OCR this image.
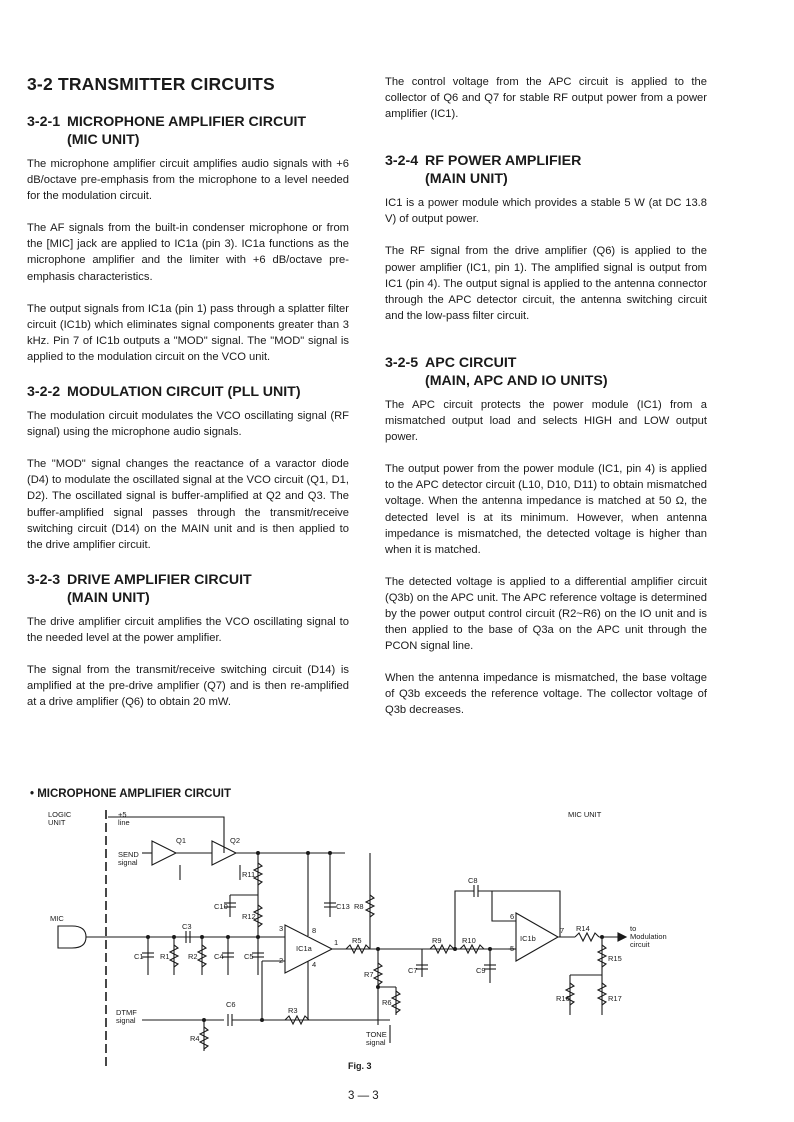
3-2 TRANSMITTER CIRCUITS
3-2-1 MICROPHONE AMPLIFIER CIRCUIT
(MIC UNIT)

The microphone amplifier circuit amplifies audio signals with +6 dB/octave pre-emphasis from the microphone to a level needed for the modulation circuit.

The AF signals from the built-in condenser microphone or from the [MIC] jack are applied to IC1a (pin 3). IC1a functions as the microphone amplifier and the limiter with +6 dB/octave pre-emphasis characteristics.

The output signals from IC1a (pin 1) pass through a splatter filter circuit (IC1b) which eliminates signal components greater than 3 kHz. Pin 7 of IC1b outputs a "MOD" signal. The "MOD" signal is applied to the modulation circuit on the VCO unit.

3-2-2 MODULATION CIRCUIT (PLL UNIT)

The modulation circuit modulates the VCO oscillating signal (RF signal) using the microphone audio signals.

The "MOD" signal changes the reactance of a varactor diode (D4) to modulate the oscillated signal at the VCO circuit (Q1, D1, D2). The oscillated signal is buffer-amplified at Q2 and Q3. The buffer-amplified signal passes through the transmit/receive switching circuit (D14) on the MAIN unit and is then applied to the drive amplifier circuit.

3-2-3 DRIVE AMPLIFIER CIRCUIT
(MAIN UNIT)

The drive amplifier circuit amplifies the VCO oscillating signal to the needed level at the power amplifier.

The signal from the transmit/receive switching circuit (D14) is amplified at the pre-drive amplifier (Q7) and is then re-amplified at a drive amplifier (Q6) to obtain 20 mW.

The control voltage from the APC circuit is applied to the collector of Q6 and Q7 for stable RF output power from a power amplifier (IC1).

3-2-4 RF POWER AMPLIFIER
(MAIN UNIT)

IC1 is a power module which provides a stable 5 W (at DC 13.8 V) of output power.

The RF signal from the drive amplifier (Q6) is applied to the power amplifier (IC1, pin 1). The amplified signal is output from IC1 (pin 4). The output signal is applied to the antenna connector through the APC detector circuit, the antenna switching circuit and the low-pass filter circuit.

3-2-5 APC CIRCUIT
(MAIN, APC AND IO UNITS)

The APC circuit protects the power module (IC1) from a mismatched output load and selects HIGH and LOW output power.

The output power from the power module (IC1, pin 4) is applied to the APC detector circuit (L10, D10, D11) to obtain mismatched voltage. When the antenna impedance is matched at 50 Ω, the detected level is at its minimum. However, when antenna impedance is mismatched, the detected voltage is higher than when it is matched.

The detected voltage is applied to a differential amplifier circuit (Q3b) on the APC unit. The APC reference voltage is determined by the power output control circuit (R2~R6) on the IO unit and is then applied to the base of Q3a on the APC unit through the PCON signal line.

When the antenna impedance is mismatched, the base voltage of Q3b exceeds the reference voltage. The collector voltage of Q3b decreases.

• MICROPHONE AMPLIFIER CIRCUIT
LOGIC
UNIT
+5
line
MIC UNIT
SEND
signal
MIC
DTMF
signal
TONE
signal
to
Modulation
circuit
Q1	Q2
IC1a
IC1b
R5	R9	R10
R14
R3
C6
C3
C8
C1 R1 R2 C4	C5
R11
R12
C10	C13 R8
R7
R6
C7	C9
R4
R15
R16	R17
3
2
1
8
4
6
5
7
Fig. 3
3 — 3
